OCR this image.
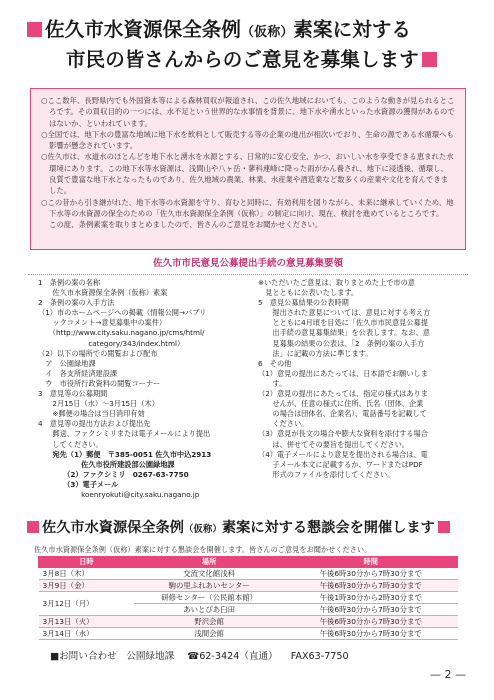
佐久市水資源保全条例（仮称）素案に対する
市民の皆さんからのご意見を募集します

○ここ数年、長野県内でも外国資本等による森林買収が報道され、この佐久地域においても、このような動きが見られるところです。その買収目的の一つには、水不足という世界的な水事情を背景に、地下水や湧水といった水資源の獲得があるのではないか、といわれています。

○全国では、地下水の豊富な地域に地下水を飲料として販売する等の企業の進出が相次いでおり、生命の源である水循環へも影響が懸念されています。

○佐久市は、水道水のほとんどを地下水と湧水を水源とする、日常的に安心安全、かつ、おいしい水を享受できる恵まれた水環境にあります。この地下水等水資源は、浅間山や八ヶ岳・蓼科連峰に降った雨がかん養され、地下に浸透後、循環し、良質で豊富な地下水となったものであり、佐久地域の農業、林業、水産業や酒造業など数多くの産業や文化を育んできました。

○この昔から引き継がれた、地下水等の水資源を守り、育むと同時に、有効利用を図りながら、未来に継承していくため、地下水等の水資源の保全のための「佐久市水資源保全条例（仮称）」の制定に向け、現在、検討を進めているところです。

この度、条例素案を取りまとめましたので、皆さんのご意見をお聞かせください。

佐久市市民意見公募提出手続の意見募集要領
1　条例の案の名称
　　佐久市水資源保全条例（仮称）素案
2　条例の案の入手方法
（1）市のホームページへの掲載（情報公開→パブリ
　　ックコメント→意見募集中の案件）
　　（http://www.city.saku.nagano.jp/cms/html/
　　　　　　　category/343/index.html）
（2）以下の場所での閲覧および配布
　ア　公園緑地課
　イ　各支所経済建設課
　ウ　市役所行政資料の閲覧コーナー
3　意見等の公募期間
　　2月15日（水）～3月15日（木）
　　※郵便の場合は当日消印有効
4　意見等の提出方法および提出先
　　郵送、ファクシミリまたは電子メールにより提出
　　してください。
　　宛先（1）郵便　〒385-0051 佐久市中込2913
　　　　　　佐久市役所建設部公園緑地課
　　　　（2）ファクシミリ　0267-63-7750
　　　　（3）電子メール
　　　　　　koenryokuti@city.saku.nagano.jp
※いただいたご意見は、取りまとめた上で市の意
　見とともに公表いたします。
5　意見公募結果の公表時期
　　提出された意見については、意見に対する考え方
　　とともに4月頃を目処に「佐久市市民意見公募提
　　出手続の意見募集結果」を公表します。なお、意
　　見募集の結果の公表は、「2　条例の案の入手方
　　法」に記載の方法に準じます。
6　その他
（1）意見の提出にあたっては、日本語でお願いしま
　　す。
（2）意見の提出にあたっては、指定の様式はありま
　　せんが、任意の様式に住所、氏名（団体、企業
　　の場合は団体名、企業名）、電話番号を記載して
　　ください。
（3）意見が長文の場合や膨大な資料を添付する場合
　　は、併せてその要旨を提出してください。
（4）電子メールにより意見を提出される場合は、電
　　子メール本文に記載するか、ワードまたはPDF
　　形式のファイルを添付してください。
佐久市水資源保全条例（仮称）素案に対する懇談会を開催します
佐久市水資源保全条例（仮称）素案に対する懇談会を開催します。皆さんのご意見をお聞かせください。
日時	場所	時間
3月8日（木）	交流文化館浅科	午後6時30分から7時30分まで
3月9日（金）	駒の里ふれあいセンター	午後6時30分から7時30分まで
3月12日（月）	研修センター（公民館本館）	午後1時30分から2時30分まで
	あいとぴあ臼田	午後6時30分から7時30分まで
3月13日（火）	野沢会館	午後6時30分から7時30分まで
3月14日（水）	浅間会館	午後6時30分から7時30分まで
■お問い合わせ　公園緑地課 ☎62-3424（直通） FAX63-7750
— 2 —
